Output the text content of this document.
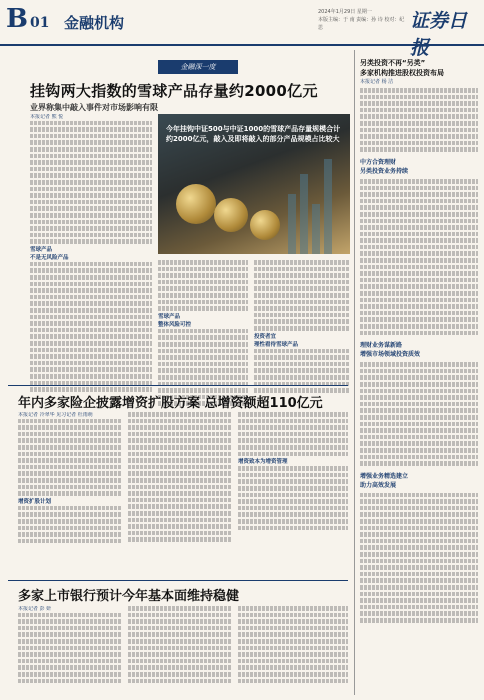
B 01 金融机构
2024年1月29日 星期一
本版主编：于 南 责编：孙 诗 校对：纪 思	证券日报
金融深一度
挂钩两大指数的雪球产品存量约2000亿元
业界称集中敲入事件对市场影响有限
今年挂钩中证500与中证1000的雪球产品存量规模合计约2000亿元，敲入及即将敲入的部分产品规模占比较大
本报记者 熊 悦
雪球产品
不是无风险产品
雪球产品
整体风险可控
投资者宜
理性看待雪球产品
年内多家险企披露增资扩股方案 总增资额超110亿元
本报记者 冷翠华 见习记者 杜雨萌
增资扩股计划
增资致本为增资管理
多家上市银行预计今年基本面维持稳健
本报记者 彭 妍
另类投资不再“另类”
多家机构推进股权投资布局
本报记者 杨 洁
中方合资理财
另类投资业务持续
理财业务谋新路
增强市场领域投资质效
增强业务精选建立
助力高效发展
